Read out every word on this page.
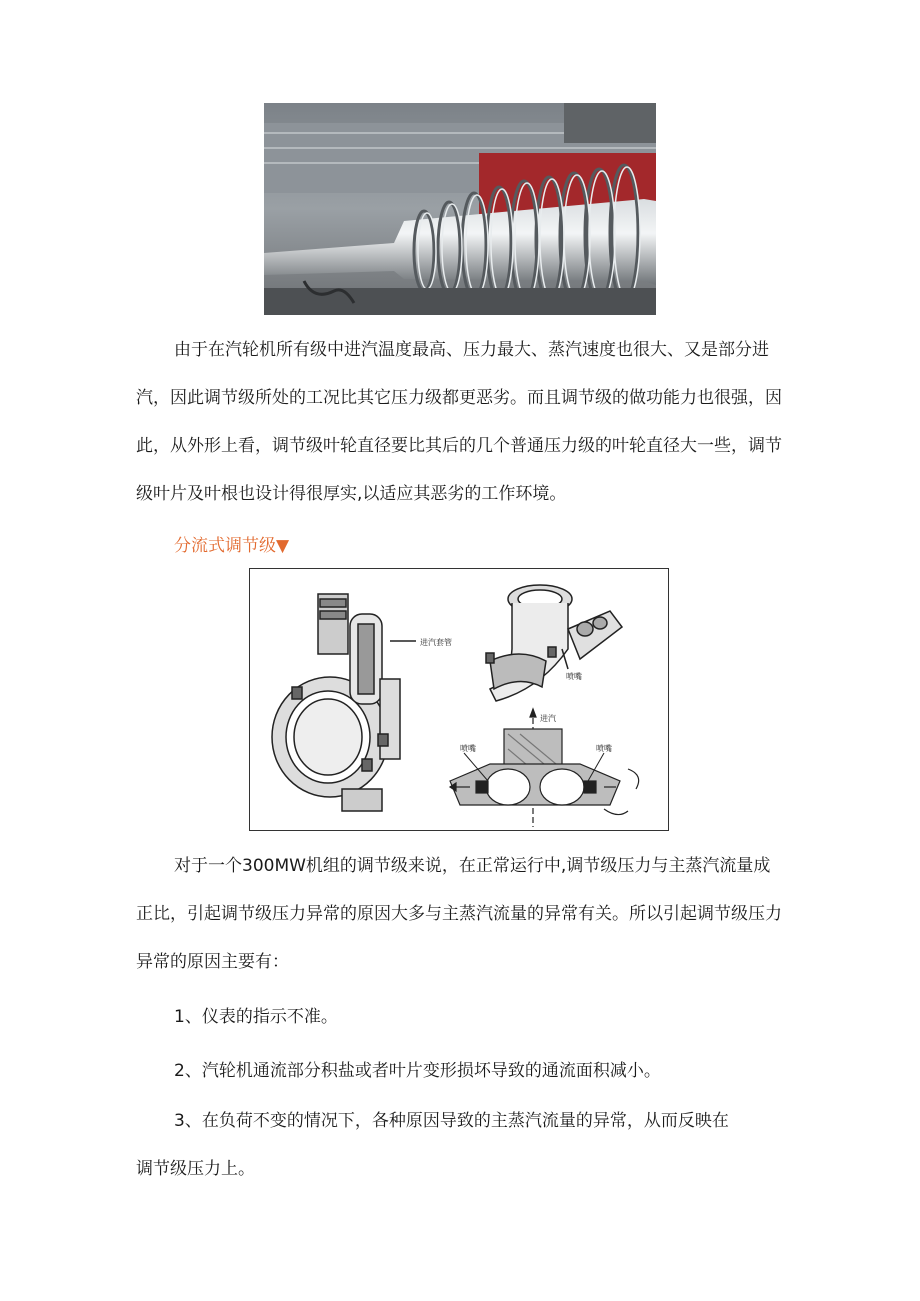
由于在汽轮机所有级中进汽温度最高、压力最大、蒸汽速度也很大、又是部分进汽，因此调节级所处的工况比其它压力级都更恶劣。而且调节级的做功能力也很强，因此，从外形上看，调节级叶轮直径要比其后的几个普通压力级的叶轮直径大一些，调节级叶片及叶根也设计得很厚实,以适应其恶劣的工作环境。

分流式调节级▼

进汽套管
喷嘴
进汽
喷嘴	喷嘴

对于一个300MW机组的调节级来说，在正常运行中,调节级压力与主蒸汽流量成正比，引起调节级压力异常的原因大多与主蒸汽流量的异常有关。所以引起调节级压力异常的原因主要有：

1、仪表的指示不准。

2、汽轮机通流部分积盐或者叶片变形损坏导致的通流面积减小。

3、在负荷不变的情况下，各种原因导致的主蒸汽流量的异常，从而反映在

调节级压力上。
